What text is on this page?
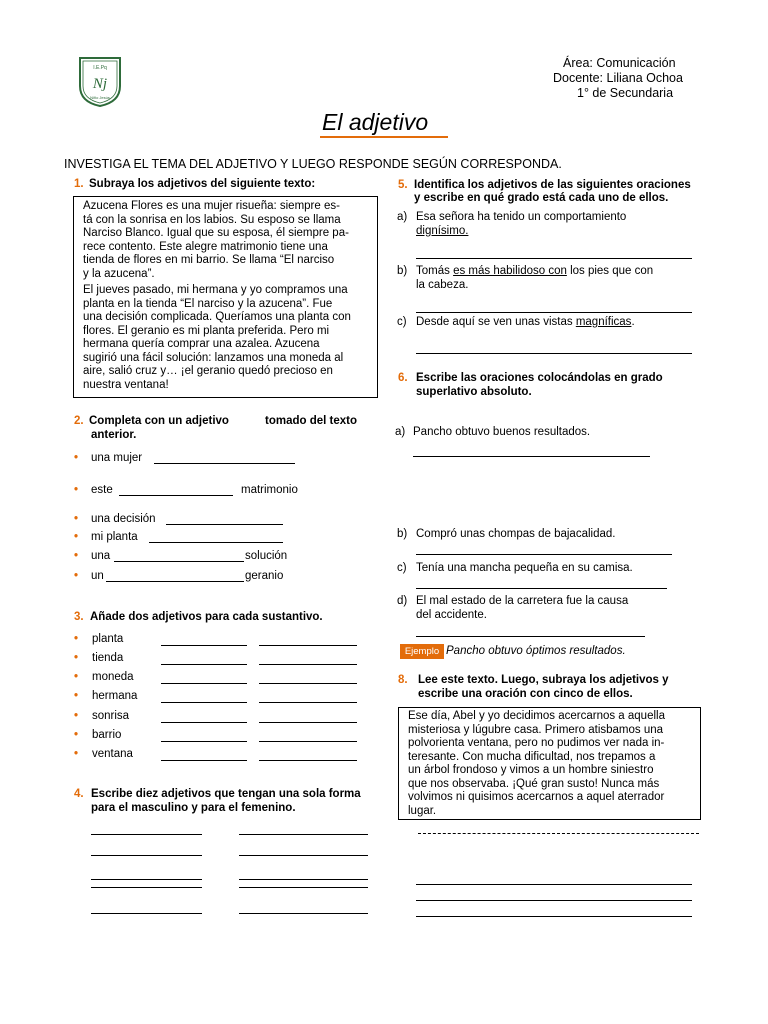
I.E.Pq
Nj
Niño Jesús
Área: Comunicación
Docente: Liliana Ochoa
1° de Secundaria
El adjetivo
INVESTIGA EL TEMA DEL ADJETIVO Y LUEGO RESPONDE SEGÚN CORRESPONDA.
1. Subraya los adjetivos del siguiente texto:
Azucena Flores es una mujer risueña: siempre es-
tá con la sonrisa en los labios. Su esposo se llama
Narciso Blanco. Igual que su esposa, él siempre pa-
rece contento. Este alegre matrimonio tiene una
tienda de flores en mi barrio. Se llama “El narciso
y la azucena”.
El jueves pasado, mi hermana y yo compramos una
planta en la tienda “El narciso y la azucena”. Fue
una decisión complicada. Queríamos una planta con
flores. El geranio es mi planta preferida. Pero mi
hermana quería comprar una azalea. Azucena
sugirió una fácil solución: lanzamos una moneda al
aire, salió cruz y… ¡el geranio quedó precioso en
nuestra ventana!
2. Completa con un adjetivo	tomado del texto
anterior.
• una mujer
• este	matrimonio
• una decisión
• mi planta
• una	solución
• un	geranio
3. Añade dos adjetivos para cada sustantivo.
• planta
• tienda
• moneda
• hermana
• sonrisa
• barrio
• ventana
4. Escribe diez adjetivos que tengan una sola forma
para el masculino y para el femenino.
5. Identifica los adjetivos de las siguientes oraciones
y escribe en qué grado está cada uno de ellos.
a) Esa señora ha tenido un comportamiento
dignísimo.
b) Tomás es más habilidoso con los pies que con
la cabeza.
c) Desde aquí se ven unas vistas magníficas.
6. Escribe las oraciones colocándolas en grado
superlativo absoluto.
a) Pancho obtuvo buenos resultados.
b) Compró unas chompas de bajacalidad.
c) Tenía una mancha pequeña en su camisa.
d) El mal estado de la carretera fue la causa
del accidente.
Ejemplo Pancho obtuvo óptimos resultados.
8. Lee este texto. Luego, subraya los adjetivos y
escribe una oración con cinco de ellos.
Ese día, Abel y yo decidimos acercarnos a aquella
misteriosa y lúgubre casa. Primero atisbamos una
polvorienta ventana, pero no pudimos ver nada in-
teresante. Con mucha dificultad, nos trepamos a
un árbol frondoso y vimos a un hombre siniestro
que nos observaba. ¡Qué gran susto! Nunca más
volvimos ni quisimos acercarnos a aquel aterrador
lugar.
